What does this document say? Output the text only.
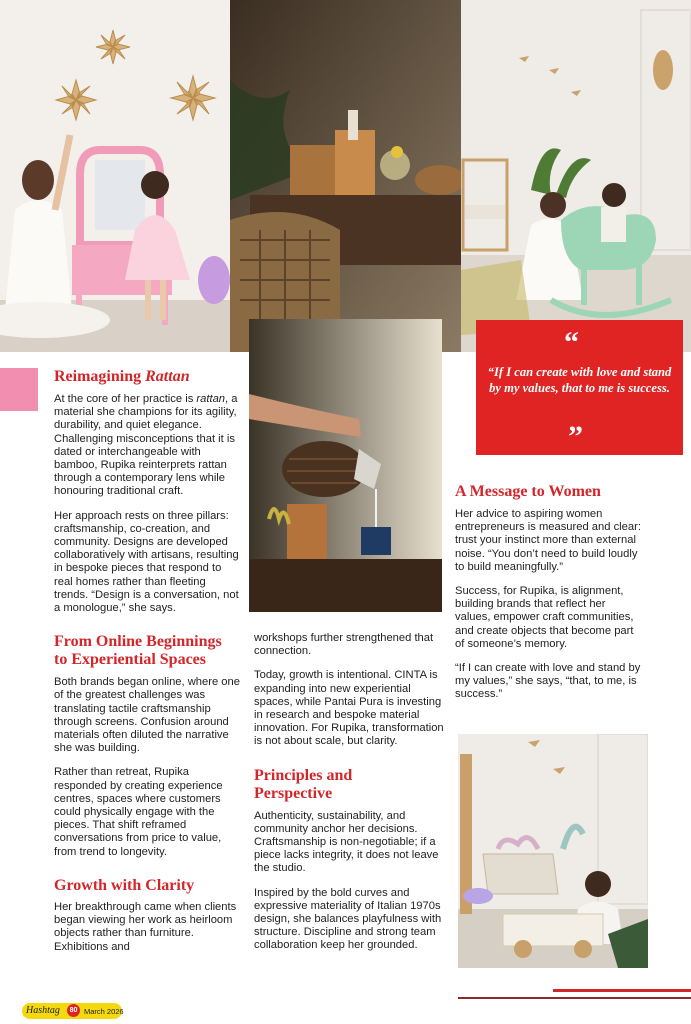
Reimagining Rattan

At the core of her practice is rattan, a material she champions for its agility, durability, and quiet elegance. Challenging misconceptions that it is dated or interchangeable with bamboo, Rupika reinterprets rattan through a contemporary lens while honouring traditional craft.

Her approach rests on three pillars: craftsmanship, co-creation, and community. Designs are developed collaboratively with artisans, resulting in bespoke pieces that respond to real homes rather than fleeting trends. “Design is a conversation, not a monologue,” she says.

From Online Beginnings
to Experiential Spaces

Both brands began online, where one of the greatest challenges was translating tactile craftsmanship through screens. Confusion around materials often diluted the narrative she was building.

Rather than retreat, Rupika responded by creating experience centres, spaces where customers could physically engage with the pieces. That shift reframed conversations from price to value, from trend to longevity.

Growth with Clarity

Her breakthrough came when clients began viewing her work as heirloom objects rather than furniture. Exhibitions and

workshops further strengthened that connection.

Today, growth is intentional. CINTA is expanding into new experiential spaces, while Pantai Pura is investing in research and bespoke material innovation. For Rupika, transformation is not about scale, but clarity.

Principles and
Perspective

Authenticity, sustainability, and community anchor her decisions. Craftsmanship is non-negotiable; if a piece lacks integrity, it does not leave the studio.

Inspired by the bold curves and expressive materiality of Italian 1970s design, she balances playfulness with structure. Discipline and strong team collaboration keep her grounded.

“
“If I can create with love and stand by my values, that to me is success.
”
A Message to Women

Her advice to aspiring women entrepreneurs is measured and clear: trust your instinct more than external noise. “You don’t need to build loudly to build meaningfully.”

Success, for Rupika, is alignment, building brands that reflect her values, empower craft communities, and create objects that become part of someone’s memory.

“If I can create with love and stand by my values,” she says, “that, to me, is success.”

Hashtag	80 March 2026
